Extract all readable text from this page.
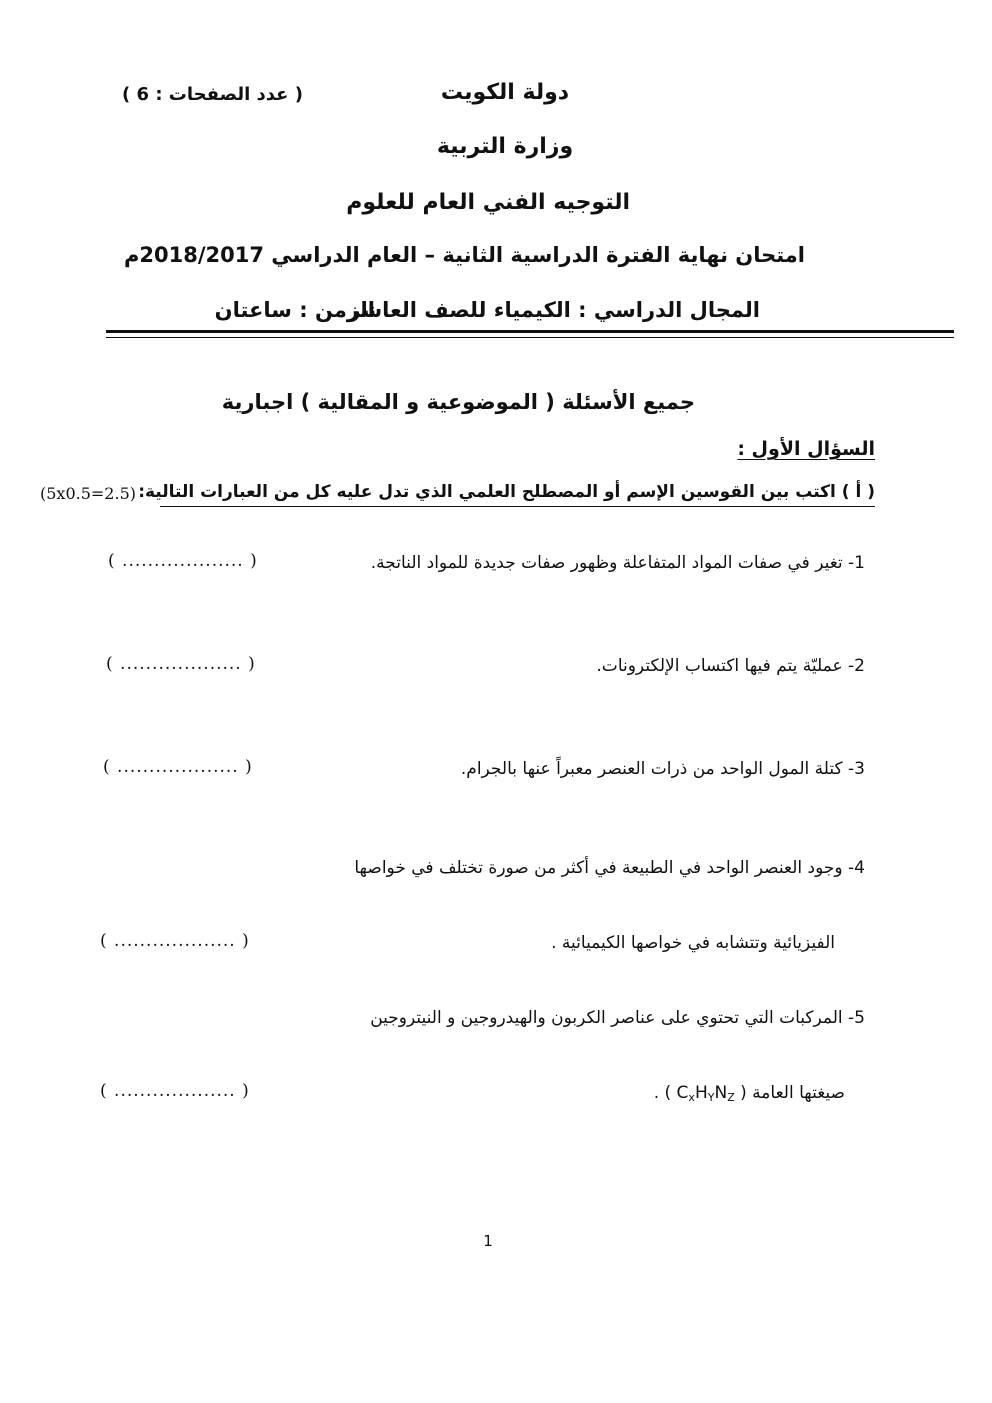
دولة الكويت
( عدد الصفحات : 6 )
وزارة التربية
التوجيه الفني العام للعلوم
امتحان نهاية الفترة الدراسية الثانية – العام الدراسي 2018/2017م
المجال الدراسي : الكيمياء للصف العاشر
الزمن : ساعتان
جميع الأسئلة ( الموضوعية و المقالية ) اجبارية
السؤال الأول :
( أ ) اكتب بين القوسين الإسم أو المصطلح العلمي الذي تدل عليه كل من العبارات التالية:
(5x0.5=2.5)
1- تغير في صفات المواد المتفاعلة وظهور صفات جديدة للمواد الناتجة.
( ................... )
2- عمليّة يتم فيها اكتساب الإلكترونات.
( ................... )
3- كتلة المول الواحد من ذرات العنصر معبراً عنها بالجرام.
( ................... )
4- وجود العنصر الواحد في الطبيعة في أكثر من صورة تختلف في خواصها
الفيزيائية وتتشابه في خواصها الكيميائية .
( ................... )
5- المركبات التي تحتوي على عناصر الكربون والهيدروجين و النيتروجين
صيغتها العامة ( $C_xH_YN_Z$ ) .
( ................... )
1
